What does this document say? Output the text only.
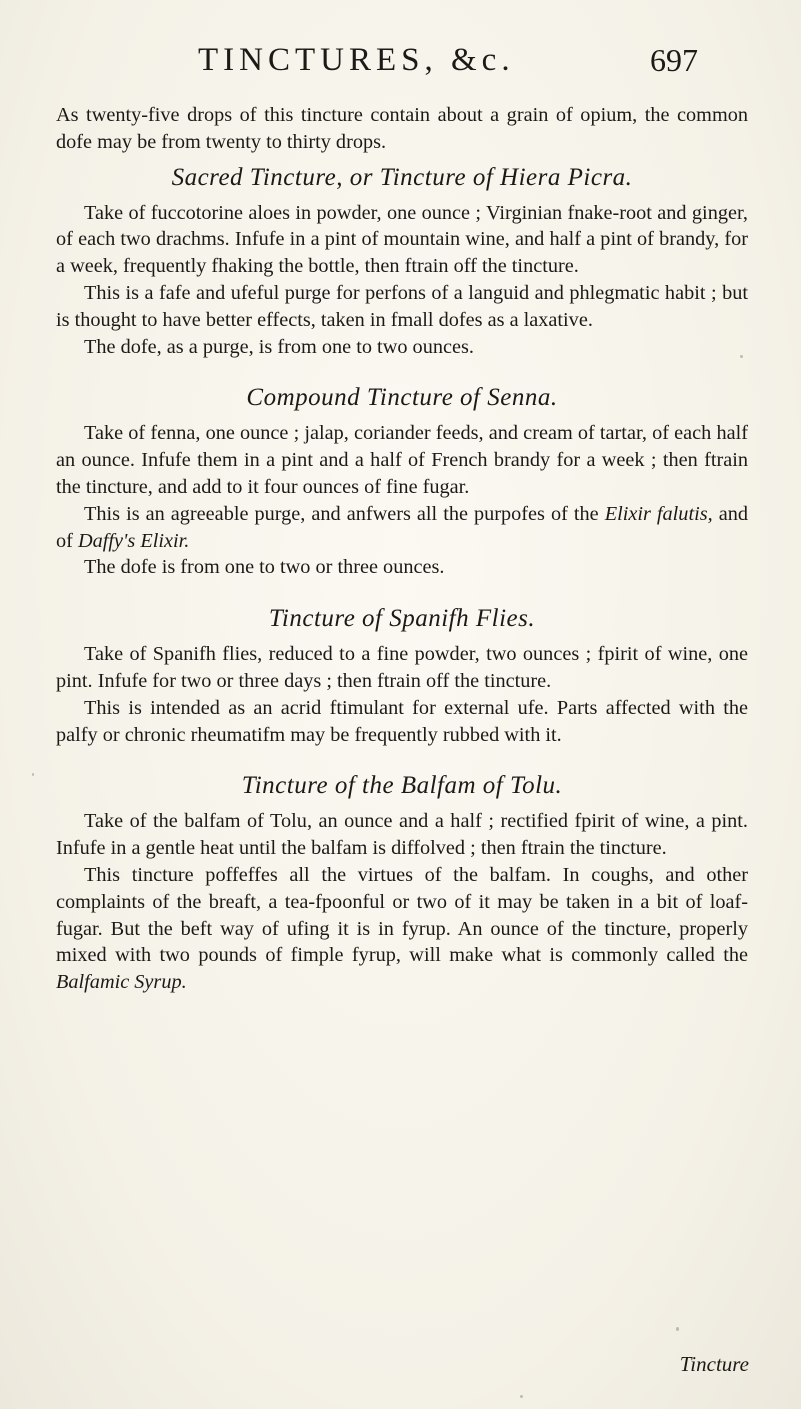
TINCTURES, &c.	697

As twenty-five drops of this tincture contain about a grain of opium, the common dofe may be from twenty to thirty drops.

Sacred Tincture, or Tincture of Hiera Picra.

Take of fuccotorine aloes in powder, one ounce ; Virginian fnake-root and ginger, of each two drachms. Infufe in a pint of mountain wine, and half a pint of brandy, for a week, frequently fhaking the bottle, then ftrain off the tincture.

This is a fafe and ufeful purge for perfons of a languid and phlegmatic habit ; but is thought to have better effects, taken in fmall dofes as a laxative.

The dofe, as a purge, is from one to two ounces.

Compound Tincture of Senna.

Take of fenna, one ounce ; jalap, coriander feeds, and cream of tartar, of each half an ounce. Infufe them in a pint and a half of French brandy for a week ; then ftrain the tincture, and add to it four ounces of fine fugar.

This is an agreeable purge, and anfwers all the purpofes of the Elixir falutis, and of Daffy's Elixir.

The dofe is from one to two or three ounces.

Tincture of Spanifh Flies.

Take of Spanifh flies, reduced to a fine powder, two ounces ; fpirit of wine, one pint. Infufe for two or three days ; then ftrain off the tincture.

This is intended as an acrid ftimulant for external ufe. Parts affected with the palfy or chronic rheumatifm may be frequently rubbed with it.

Tincture of the Balfam of Tolu.

Take of the balfam of Tolu, an ounce and a half ; rectified fpirit of wine, a pint. Infufe in a gentle heat until the balfam is diffolved ; then ftrain the tincture.

This tincture poffeffes all the virtues of the balfam. In coughs, and other complaints of the breaft, a tea-fpoonful or two of it may be taken in a bit of loaf-fugar. But the beft way of ufing it is in fyrup. An ounce of the tincture, properly mixed with two pounds of fimple fyrup, will make what is commonly called the Balfamic Syrup.

Tincture
